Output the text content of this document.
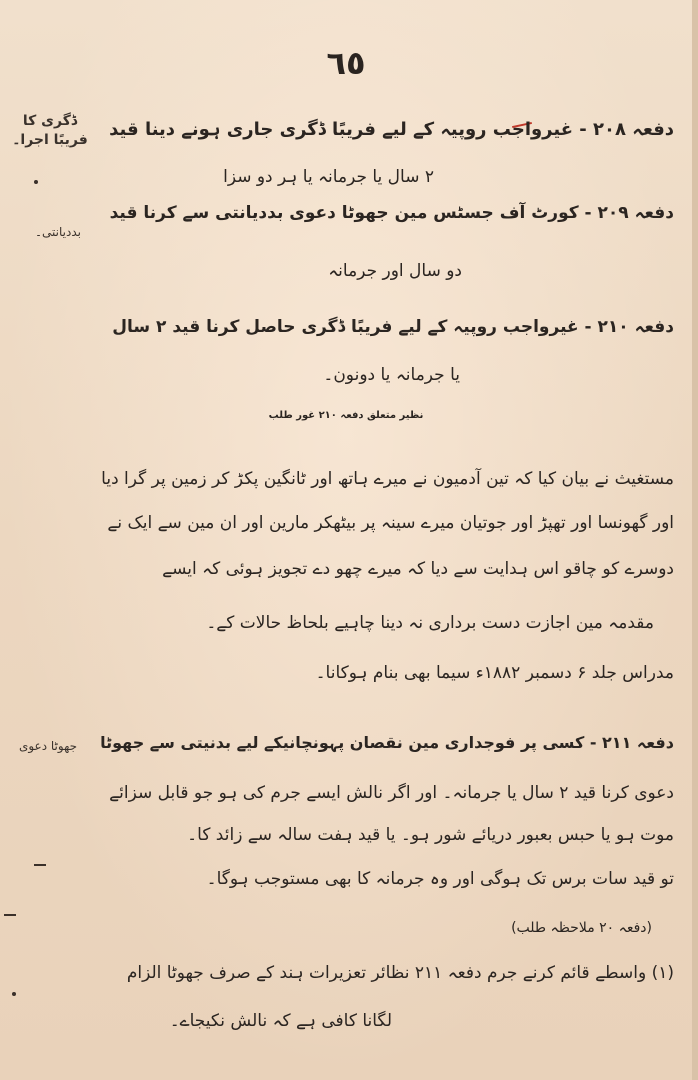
٦٥
ڈگری کا فریبًا اجرا۔
بددیانتی۔
جھوٹا دعوی
دفعہ ۲۰۸ - غیرواجب روپیہ کے لیے فریبًا ڈگری جاری ہونے دینا قید
۲ سال یا جرمانہ یا ہر دو سزا
دفعہ ۲۰۹ - کورٹ آف جسٹس مین جھوٹا دعوی بددیانتی سے کرنا قید
دو سال اور جرمانہ
دفعہ ۲۱۰ - غیرواجب روپیہ کے لیے فریبًا ڈگری حاصل کرنا قید ۲ سال
یا جرمانہ یا دونون۔
نظیر متعلق دفعہ ۲۱۰ غور طلب
مستغیث نے بیان کیا کہ تین آدمیون نے میرے ہاتھ اور ٹانگین پکڑ کر زمین پر گرا دیا
اور گھونسا اور تھپڑ اور جوتیان میرے سینہ پر بیٹھکر مارین اور ان مین سے ایک نے
دوسرے کو چاقو اس ہدایت سے دیا کہ میرے چھو دے تجویز ہوئی کہ ایسے
مقدمہ مین اجازت دست برداری نہ دینا چاہیے بلحاظ حالات کے۔
مدراس جلد ۶ دسمبر ۱۸۸۲ء سیما بھی بنام ہوکانا۔
دفعہ ۲۱۱ - کسی پر فوجداری مین نقصان پہونچانیکے لیے بدنیتی سے جھوٹا
دعوی کرنا قید ۲ سال یا جرمانہ۔ اور اگر نالش ایسے جرم کی ہو جو قابل سزائے
موت ہو یا حبس بعبور دریائے شور ہو۔ یا قید ہفت سالہ سے زائد کا۔
تو قید سات برس تک ہوگی اور وہ جرمانہ کا بھی مستوجب ہوگا۔
(دفعہ ۲۰ ملاحظہ طلب)
(۱) واسطے قائم کرنے جرم دفعہ ۲۱۱ نظائر تعزیرات ہند کے صرف جھوٹا الزام
لگانا کافی ہے کہ نالش نکیجاے۔
